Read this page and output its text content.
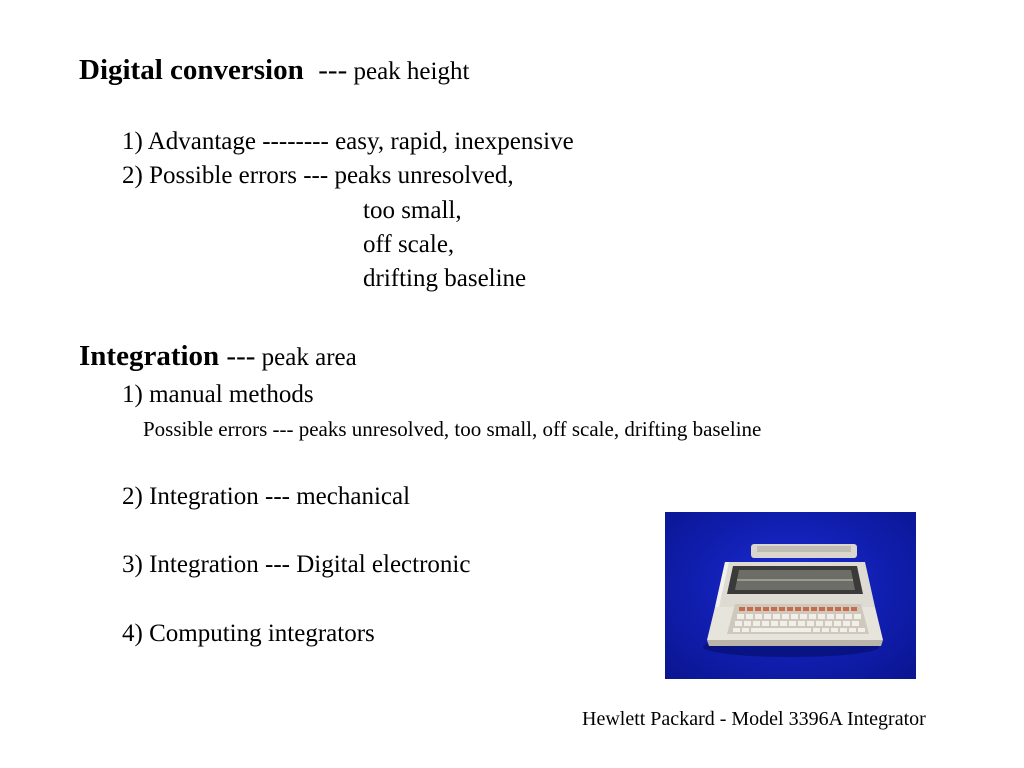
Digital conversion --- peak height
1) Advantage -------- easy, rapid, inexpensive
2) Possible errors --- peaks unresolved,
too small,
off scale,
drifting baseline
Integration --- peak area
1) manual methods
Possible errors --- peaks unresolved, too small, off scale, drifting baseline
2) Integration --- mechanical
3) Integration --- Digital electronic
4) Computing integrators
Hewlett Packard - Model 3396A Integrator
